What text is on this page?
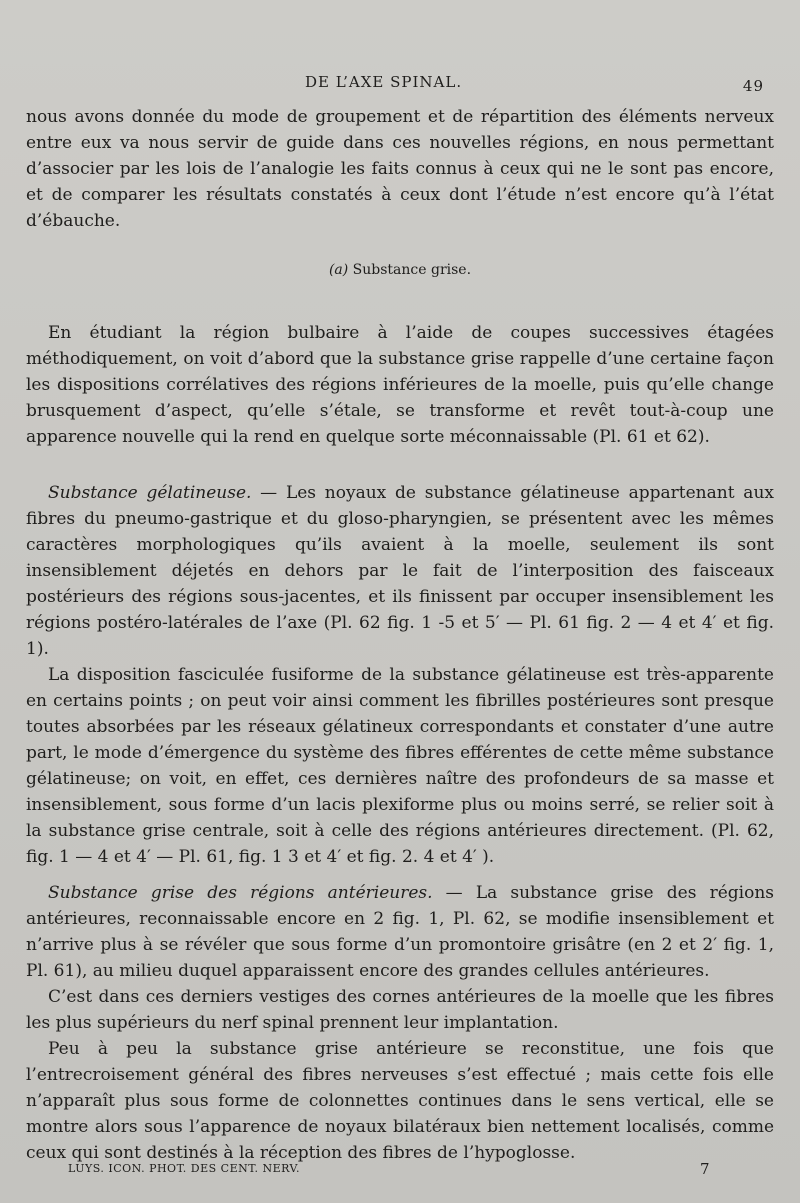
DE L’AXE SPINAL.	49

nous avons donnée du mode de groupement et de répartition des éléments nerveux entre eux va nous servir de guide dans ces nouvelles régions, en nous permettant d’associer par les lois de l’analogie les faits connus à ceux qui ne le sont pas encore, et de comparer les résultats constatés à ceux dont l’étude n’est encore qu’à l’état d’ébauche.

(a) Substance grise.

En étudiant la région bulbaire à l’aide de coupes successives étagées méthodiquement, on voit d’abord que la substance grise rappelle d’une certaine façon les dispositions corrélatives des régions inférieures de la moelle, puis qu’elle change brusquement d’aspect, qu’elle s’étale, se transforme et revêt tout-à-coup une apparence nouvelle qui la rend en quelque sorte méconnaissable (Pl. 61 et 62).

Substance gélatineuse. — Les noyaux de substance gélatineuse appartenant aux fibres du pneumo-gastrique et du gloso-pharyngien, se présentent avec les mêmes caractères morphologiques qu’ils avaient à la moelle, seulement ils sont insensiblement déjetés en dehors par le fait de l’interposition des faisceaux postérieurs des régions sous-jacentes, et ils finissent par occuper insensiblement les régions postéro-latérales de l’axe (Pl. 62 fig. 1 -5 et 5′ — Pl. 61 fig. 2 — 4 et 4′ et fig. 1).

La disposition fasciculée fusiforme de la substance gélatineuse est très-apparente en certains points ; on peut voir ainsi comment les fibrilles postérieures sont presque toutes absorbées par les réseaux gélatineux correspondants et constater d’une autre part, le mode d’émergence du système des fibres efférentes de cette même substance gélatineuse; on voit, en effet, ces dernières naître des profondeurs de sa masse et insensiblement, sous forme d’un lacis plexiforme plus ou moins serré, se relier soit à la substance grise centrale, soit à celle des régions antérieures directement. (Pl. 62, fig. 1 — 4 et 4′ — Pl. 61, fig. 1 3 et 4′ et fig. 2. 4 et 4′ ).

Substance grise des régions antérieures. — La substance grise des régions antérieures, reconnaissable encore en 2 fig. 1, Pl. 62, se modifie insensiblement et n’arrive plus à se révéler que sous forme d’un promontoire grisâtre (en 2 et 2′ fig. 1, Pl. 61), au milieu duquel apparaissent encore des grandes cellules antérieures.

C’est dans ces derniers vestiges des cornes antérieures de la moelle que les fibres les plus supérieurs du nerf spinal prennent leur implantation.

Peu à peu la substance grise antérieure se reconstitue, une fois que l’entrecroisement général des fibres nerveuses s’est effectué ; mais cette fois elle n’apparaît plus sous forme de colonnettes continues dans le sens vertical, elle se montre alors sous l’apparence de noyaux bilatéraux bien nettement localisés, comme ceux qui sont destinés à la réception des fibres de l’hypoglosse.

LUYS. ICON. PHOT. DES CENT. NERV.	7
